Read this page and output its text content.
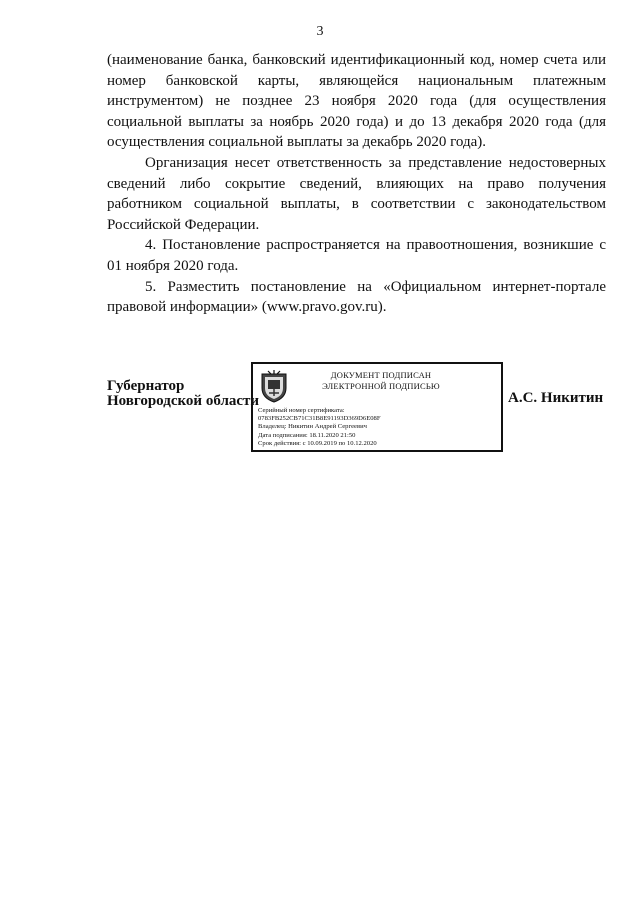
3

(наименование банка, банковский идентификационный код, номер счета или номер банковской карты, являющейся национальным платежным инструментом) не позднее 23 ноября 2020 года (для осуществления социальной выплаты за ноябрь 2020 года) и до 13 декабря 2020 года (для осуществления социальной выплаты за декабрь 2020 года).

Организация несет ответственность за представление недостоверных сведений либо сокрытие сведений, влияющих на право получения работником социальной выплаты, в соответствии с законодательством Российской Федерации.

4. Постановление распространяется на правоотношения, возникшие с 01 ноября 2020 года.

5. Разместить постановление на «Официальном интернет-портале правовой информации» (www.pravo.gov.ru).

Губернатор
Новгородской области
ДОКУМЕНТ ПОДПИСАН
ЭЛЕКТРОННОЙ ПОДПИСЬЮ
Серийный номер сертификата:
0783FB252CB71C31B8E91193D369D6E08F
Владелец: Никитин Андрей Сергеевич
Дата подписания: 18.11.2020 21:50
Срок действия: с 10.09.2019 по 10.12.2020
А.С. Никитин
